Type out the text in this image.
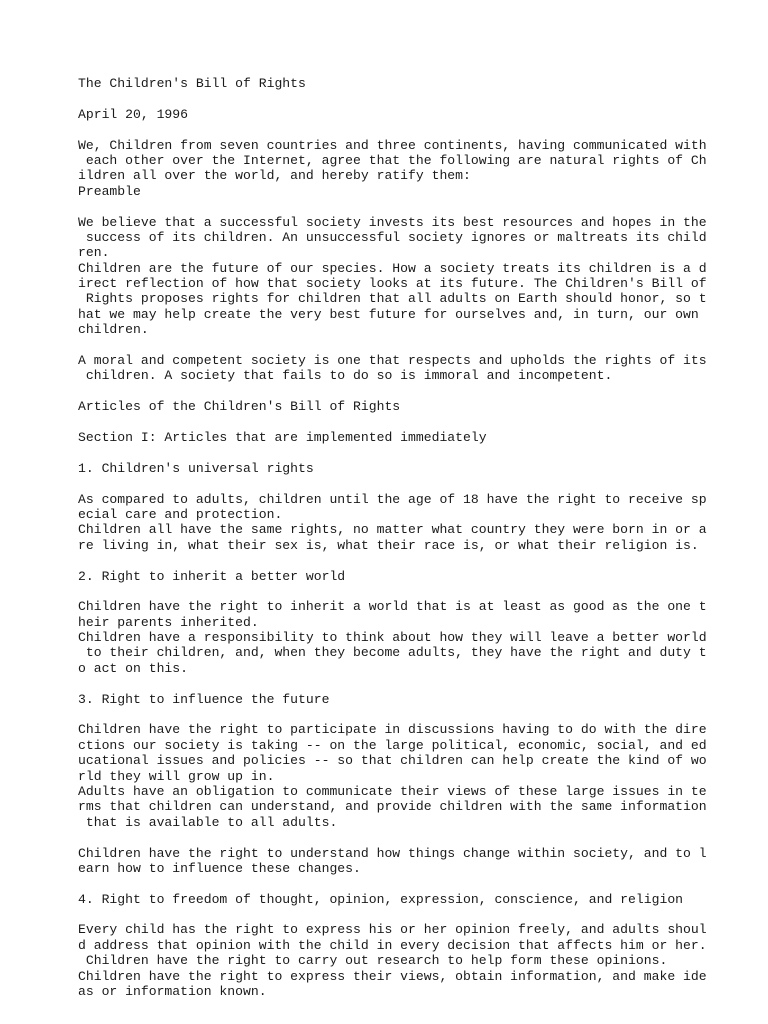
The Children's Bill of Rights
April 20, 1996
We, Children from seven countries and three continents, having communicated with
each other over the Internet, agree that the following are natural rights of Ch
ildren all over the world, and hereby ratify them:
Preamble
We believe that a successful society invests its best resources and hopes in the
success of its children. An unsuccessful society ignores or maltreats its child
ren.
Children are the future of our species. How a society treats its children is a d
irect reflection of how that society looks at its future. The Children's Bill of
Rights proposes rights for children that all adults on Earth should honor, so t
hat we may help create the very best future for ourselves and, in turn, our own
children.
A moral and competent society is one that respects and upholds the rights of its
children. A society that fails to do so is immoral and incompetent.
Articles of the Children's Bill of Rights
Section I: Articles that are implemented immediately
1. Children's universal rights
As compared to adults, children until the age of 18 have the right to receive sp
ecial care and protection.
Children all have the same rights, no matter what country they were born in or a
re living in, what their sex is, what their race is, or what their religion is.
2. Right to inherit a better world
Children have the right to inherit a world that is at least as good as the one t
heir parents inherited.
Children have a responsibility to think about how they will leave a better world
to their children, and, when they become adults, they have the right and duty t
o act on this.
3. Right to influence the future
Children have the right to participate in discussions having to do with the dire
ctions our society is taking -- on the large political, economic, social, and ed
ucational issues and policies -- so that children can help create the kind of wo
rld they will grow up in.
Adults have an obligation to communicate their views of these large issues in te
rms that children can understand, and provide children with the same information
that is available to all adults.
Children have the right to understand how things change within society, and to l
earn how to influence these changes.
4. Right to freedom of thought, opinion, expression, conscience, and religion
Every child has the right to express his or her opinion freely, and adults shoul
d address that opinion with the child in every decision that affects him or her.
Children have the right to carry out research to help form these opinions.
Children have the right to express their views, obtain information, and make ide
as or information known.
